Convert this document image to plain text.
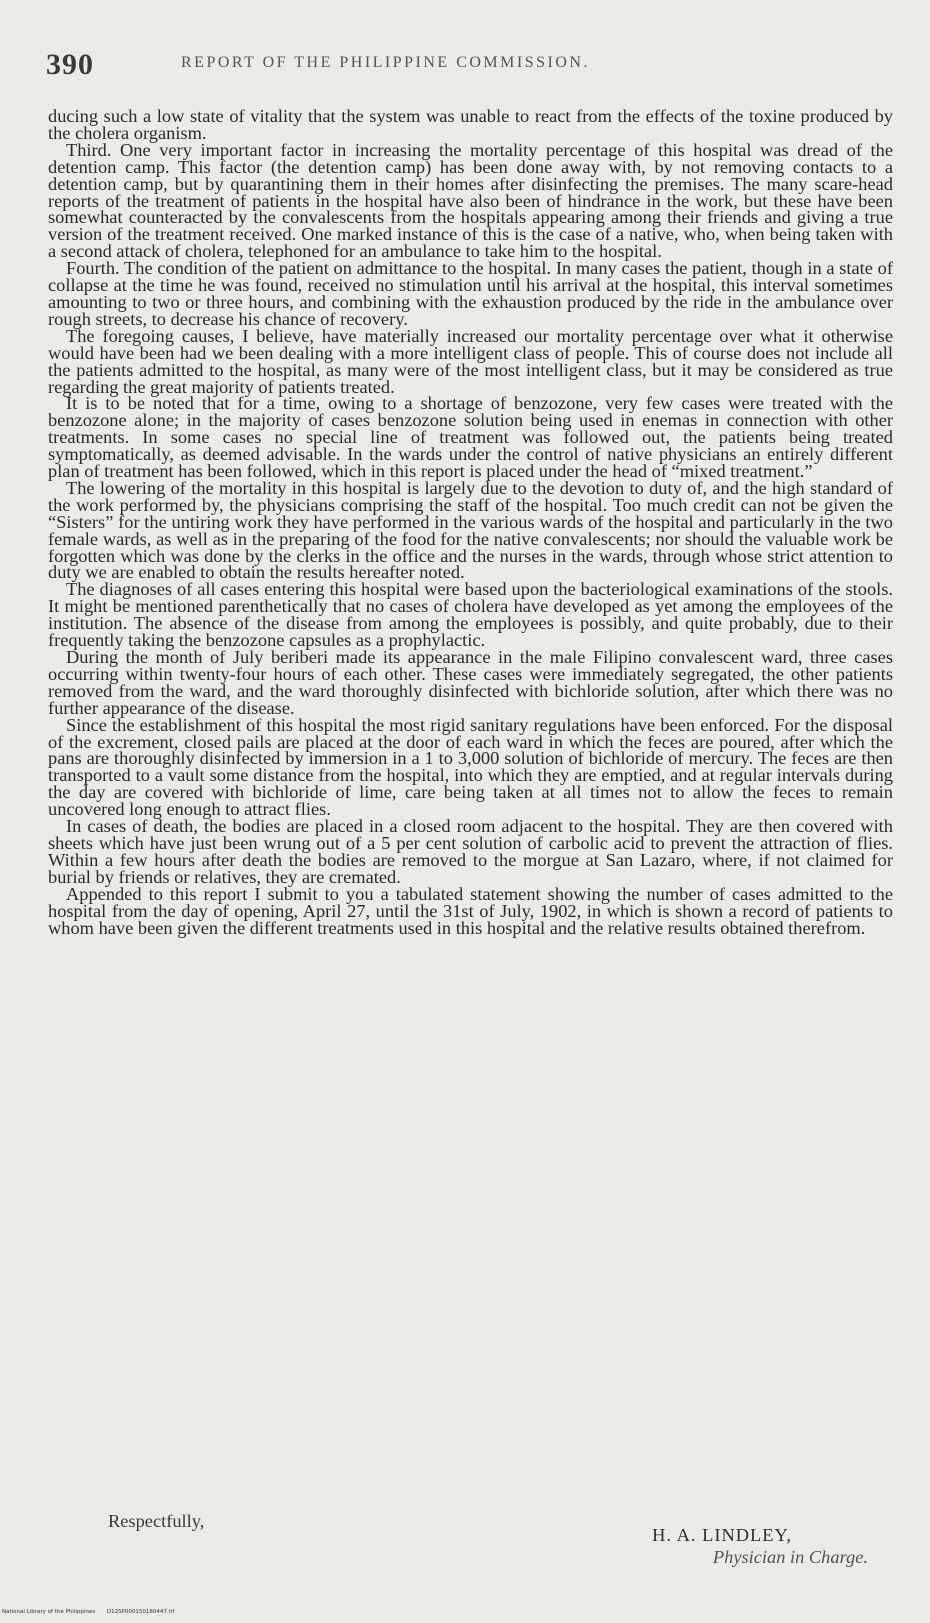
390	REPORT OF THE PHILIPPINE COMMISSION.

ducing such a low state of vitality that the system was unable to react from the effects of the toxine produced by the cholera organism.

Third. One very important factor in increasing the mortality percentage of this hospital was dread of the detention camp. This factor (the detention camp) has been done away with, by not removing contacts to a detention camp, but by quarantining them in their homes after disinfecting the premises. The many scare-head reports of the treatment of patients in the hospital have also been of hindrance in the work, but these have been somewhat counteracted by the convalescents from the hospitals appearing among their friends and giving a true version of the treatment received. One marked instance of this is the case of a native, who, when being taken with a second attack of cholera, telephoned for an ambulance to take him to the hospital.

Fourth. The condition of the patient on admittance to the hospital. In many cases the patient, though in a state of collapse at the time he was found, received no stimulation until his arrival at the hospital, this interval sometimes amounting to two or three hours, and combining with the exhaustion produced by the ride in the ambulance over rough streets, to decrease his chance of recovery.

The foregoing causes, I believe, have materially increased our mortality percentage over what it otherwise would have been had we been dealing with a more intelligent class of people. This of course does not include all the patients admitted to the hospital, as many were of the most intelligent class, but it may be considered as true regarding the great majority of patients treated.

It is to be noted that for a time, owing to a shortage of benzozone, very few cases were treated with the benzozone alone; in the majority of cases benzozone solution being used in enemas in connection with other treatments. In some cases no special line of treatment was followed out, the patients being treated symptomatically, as deemed advisable. In the wards under the control of native physicians an entirely different plan of treatment has been followed, which in this report is placed under the head of “mixed treatment.”

The lowering of the mortality in this hospital is largely due to the devotion to duty of, and the high standard of the work performed by, the physicians comprising the staff of the hospital. Too much credit can not be given the “Sisters” for the untiring work they have performed in the various wards of the hospital and particularly in the two female wards, as well as in the preparing of the food for the native convalescents; nor should the valuable work be forgotten which was done by the clerks in the office and the nurses in the wards, through whose strict attention to duty we are enabled to obtain the results hereafter noted.

The diagnoses of all cases entering this hospital were based upon the bacteriological examinations of the stools. It might be mentioned parenthetically that no cases of cholera have developed as yet among the employees of the institution. The absence of the disease from among the employees is possibly, and quite probably, due to their frequently taking the benzozone capsules as a prophylactic.

During the month of July beriberi made its appearance in the male Filipino convalescent ward, three cases occurring within twenty-four hours of each other. These cases were immediately segregated, the other patients removed from the ward, and the ward thoroughly disinfected with bichloride solution, after which there was no further appearance of the disease.

Since the establishment of this hospital the most rigid sanitary regulations have been enforced. For the disposal of the excrement, closed pails are placed at the door of each ward in which the feces are poured, after which the pans are thoroughly disinfected by immersion in a 1 to 3,000 solution of bichloride of mercury. The feces are then transported to a vault some distance from the hospital, into which they are emptied, and at regular intervals during the day are covered with bichloride of lime, care being taken at all times not to allow the feces to remain uncovered long enough to attract flies.

In cases of death, the bodies are placed in a closed room adjacent to the hospital. They are then covered with sheets which have just been wrung out of a 5 per cent solution of carbolic acid to prevent the attraction of flies. Within a few hours after death the bodies are removed to the morgue at San Lazaro, where, if not claimed for burial by friends or relatives, they are cremated.

Appended to this report I submit to you a tabulated statement showing the number of cases admitted to the hospital from the day of opening, April 27, until the 31st of July, 1902, in which is shown a record of patients to whom have been given the different treatments used in this hospital and the relative results obtained therefrom.

Respectfully,
H. A. LINDLEY,
Physician in Charge.
National Library of the Philippines D12SP000150180447.tif
